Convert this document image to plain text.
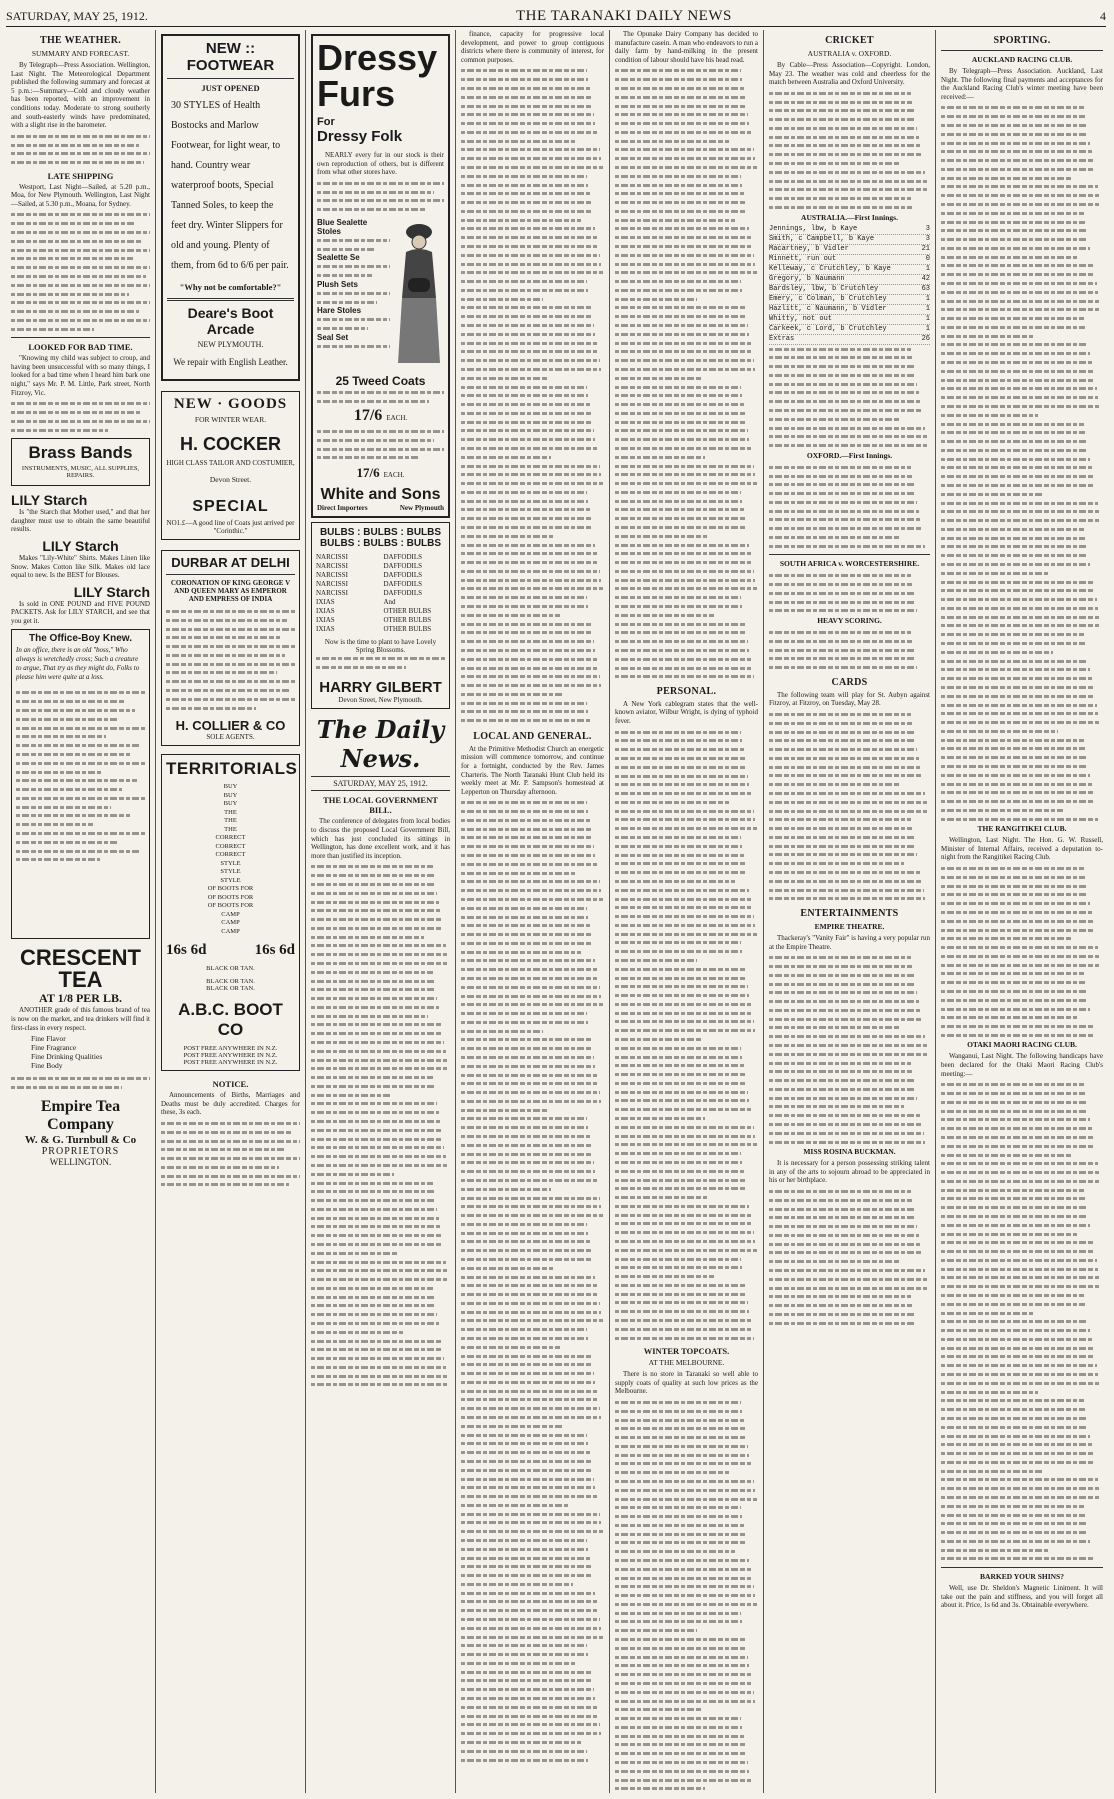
SATURDAY, MAY 25, 1912.	THE TARANAKI DAILY NEWS	4
THE WEATHER.
SUMMARY AND FORECAST.

By Telegraph—Press Association. Wellington, Last Night. The Meteorological Department published the following summary and forecast at 5 p.m.:—Summary—Cold and cloudy weather has been reported, with an improvement in conditions today. Moderate to strong southerly and south-easterly winds have predominated, with a slight rise in the barometer.

LATE SHIPPING

Westport, Last Night—Sailed, at 5.20 p.m., Moa, for New Plymouth. Wellington, Last Night—Sailed, at 5.30 p.m., Moana, for Sydney.

LOOKED FOR BAD TIME.

"Knowing my child was subject to croup, and having been unsuccessful with so many things, I looked for a bad time when I heard him bark one night," says Mr. P. M. Little, Park street, North Fitzroy, Vic.

Brass Bands
INSTRUMENTS, MUSIC, ALL SUPPLIES, REPAIRS.
LILY Starch

Is "the Starch that Mother used," and that her daughter must use to obtain the same beautiful results.

LILY Starch

Makes "Lily-White" Shirts. Makes Linen like Snow. Makes Cotton like Silk. Makes old lace equal to new. Is the BEST for Blouses.

LILY Starch

Is sold in ONE POUND and FIVE POUND PACKETS. Ask for LILY STARCH, and see that you get it.

The Office-Boy Knew.
In an office, there is an old "boss," Who always is wretchedly cross; Such a creature to argue, That try as they might do, Folks to please him were quite at a loss.
CRESCENT TEA
AT 1/8 PER LB.

ANOTHER grade of this famous brand of tea is now on the market, and tea drinkers will find it first-class in every respect.

Fine Flavor
Fine Fragrance
Fine Drinking Qualities
Fine Body
Empire Tea Company
W. & G. Turnbull & Co
PROPRIETORS
WELLINGTON.
NEW :: FOOTWEAR
JUST OPENED
30 STYLES of Health Bostocks and Marlow Footwear, for light wear, to hand. Country wear waterproof boots, Special Tanned Soles, to keep the feet dry. Winter Slippers for old and young. Plenty of them, from 6d to 6/6 per pair.
"Why not be comfortable?"
Deare's Boot Arcade
NEW PLYMOUTH.
We repair with English Leather.
NEW · GOODS
FOR WINTER WEAR.
H. COCKER
HIGH CLASS TAILOR AND COSTUMIER,
Devon Street.
SPECIAL
NO1.£—A good line of Coats just arrived per "Corinthic."
DURBAR AT DELHI
CORONATION OF KING GEORGE V AND QUEEN MARY AS EMPEROR AND EMPRESS OF INDIA
H. COLLIER & CO
SOLE AGENTS.
TERRITORIALS
BUY
BUY
BUY
THE
THE
THE
CORRECT
CORRECT
CORRECT
STYLE
STYLE
STYLE
OF BOOTS FOR
OF BOOTS FOR
OF BOOTS FOR
CAMP
CAMP
CAMP
16s 6d	16s 6d
BLACK OR TAN.
BLACK OR TAN.
BLACK OR TAN.
A.B.C. BOOT CO
POST FREE ANYWHERE IN N.Z.
POST FREE ANYWHERE IN N.Z.
POST FREE ANYWHERE IN N.Z.
NOTICE.

Announcements of Births, Marriages and Deaths must be duly accredited. Charges for these, 3s each.

Dressy Furs
For
Dressy Folk

NEARLY every fur in our stock is their own reproduction of others, but is different from what other stores have.

Blue Sealette Stoles
Sealette Se
Plush Sets
Hare Stoles
Seal Set
25 Tweed Coats
17/6 EACH.
17/6 EACH.
White and Sons
Direct Importers	New Plymouth
BULBS : BULBS : BULBS
BULBS : BULBS : BULBS
NARCISSI	DAFFODILS
NARCISSI	DAFFODILS
NARCISSI	DAFFODILS
NARCISSI	DAFFODILS
NARCISSI	DAFFODILS
IXIAS	And
IXIAS	OTHER BULBS
IXIAS	OTHER BULBS
IXIAS	OTHER BULBS
Now is the time to plant to have Lovely Spring Blossoms.
HARRY GILBERT
Devon Street, New Plymouth.
The Daily News.
SATURDAY, MAY 25, 1912.
THE LOCAL GOVERNMENT BILL.

The conference of delegates from local bodies to discuss the proposed Local Government Bill, which has just concluded its sittings in Wellington, has done excellent work, and it has more than justified its inception.

finance, capacity for progressive local development, and power to group contiguous districts where there is community of interest, for common purposes.

LOCAL AND GENERAL.

At the Primitive Methodist Church an energetic mission will commence tomorrow, and continue for a fortnight, conducted by the Rev. James Charteris. The North Taranaki Hunt Club held its weekly meet at Mr. P. Sampson's homestead at Lepperton on Thursday afternoon.

The Opunake Dairy Company has decided to manufacture casein. A man who endeavors to run a daily farm by hand-milking in the present condition of labour should have his head read.

PERSONAL.

A New York cablegram states that the well-known aviator, Wilbur Wright, is dying of typhoid fever.

WINTER TOPCOATS.
AT THE MELBOURNE.

There is no store in Taranaki so well able to supply coats of quality at such low prices as the Melbourne.

CRICKET
AUSTRALIA v. OXFORD.

By Cable—Press Association—Copyright. London, May 23. The weather was cold and cheerless for the match between Australia and Oxford University.

AUSTRALIA.—First Innings.
Jennings, lbw, b Kaye	3
Smith, c Campbell, b Kaye	3
Macartney, b Vidler	21
Minnett, run out	0
Kelleway, c Crutchley, b Kaye	1
Gregory, b Naumann	42
Bardsley, lbw, b Crutchley	63
Emery, c Colman, b Crutchley	1
Hazlitt, c Naumann, b Vidler	1
Whitty, not out	1
Carkeek, c Lord, b Crutchley	1
Extras	26
OXFORD.—First Innings.
SOUTH AFRICA v. WORCESTERSHIRE.
HEAVY SCORING.
CARDS

The following team will play for St. Aubyn against Fitzroy, at Fitzroy, on Tuesday, May 28.

ENTERTAINMENTS
EMPIRE THEATRE.

Thackeray's "Vanity Fair" is having a very popular run at the Empire Theatre.

MISS ROSINA BUCKMAN.

It is necessary for a person possessing striking talent in any of the arts to sojourn abroad to be appreciated in his or her birthplace.

SPORTING.
AUCKLAND RACING CLUB.

By Telegraph—Press Association. Auckland, Last Night. The following final payments and acceptances for the Auckland Racing Club's winter meeting have been received:—

THE RANGITIKEI CLUB.

Wellington, Last Night. The Hon. G. W. Russell, Minister of Internal Affairs, received a deputation to-night from the Rangitikei Racing Club.

OTAKI MAORI RACING CLUB.

Wanganui, Last Night. The following handicaps have been declared for the Otaki Maori Racing Club's meeting:—

BARKED YOUR SHINS?

Well, use Dr. Sheldon's Magnetic Liniment. It will take out the pain and stiffness, and you will forget all about it. Price, 1s 6d and 3s. Obtainable everywhere.
